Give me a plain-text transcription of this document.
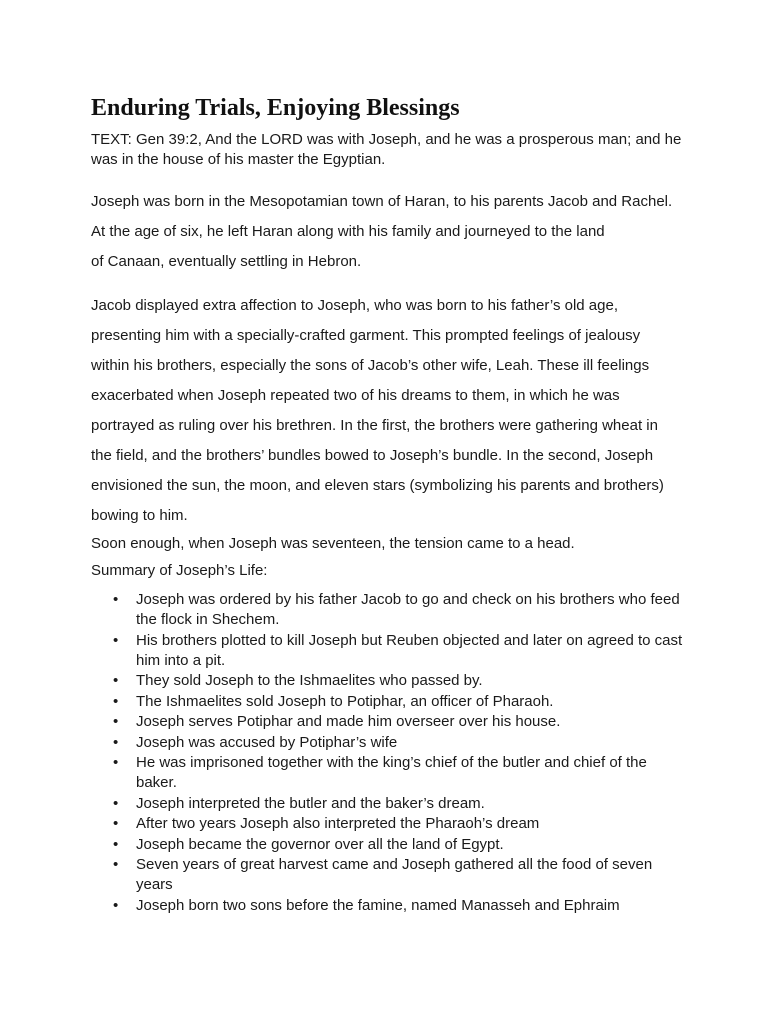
Enduring Trials, Enjoying Blessings

TEXT: Gen 39:2, And the LORD was with Joseph, and he was a prosperous man; and he was in the house of his master the Egyptian.

Joseph was born in the Mesopotamian town of Haran, to his parents Jacob and Rachel.
At the age of six, he left Haran along with his family and journeyed to the land
of Canaan, eventually settling in Hebron.

Jacob displayed extra affection to Joseph, who was born to his father’s old age,
presenting him with a specially-crafted garment. This prompted feelings of jealousy
within his brothers, especially the sons of Jacob’s other wife, Leah. These ill feelings
exacerbated when Joseph repeated two of his dreams to them, in which he was
portrayed as ruling over his brethren. In the first, the brothers were gathering wheat in
the field, and the brothers’ bundles bowed to Joseph’s bundle. In the second, Joseph
envisioned the sun, the moon, and eleven stars (symbolizing his parents and brothers)
bowing to him.

Soon enough, when Joseph was seventeen, the tension came to a head.

Summary of Joseph’s Life:

• Joseph was ordered by his father Jacob to go and check on his brothers who feed the flock in Shechem.
• His brothers plotted to kill Joseph but Reuben objected and later on agreed to cast him into a pit.
• They sold Joseph to the Ishmaelites who passed by.
• The Ishmaelites sold Joseph to Potiphar, an officer of Pharaoh.
• Joseph serves Potiphar and made him overseer over his house.
• Joseph was accused by Potiphar’s wife
• He was imprisoned together with the king’s chief of the butler and chief of the baker.
• Joseph interpreted the butler and the baker’s dream.
• After two years Joseph also interpreted the Pharaoh’s dream
• Joseph became the governor over all the land of Egypt.
• Seven years of great harvest came and Joseph gathered all the food of seven years
• Joseph born two sons before the famine, named Manasseh and Ephraim
